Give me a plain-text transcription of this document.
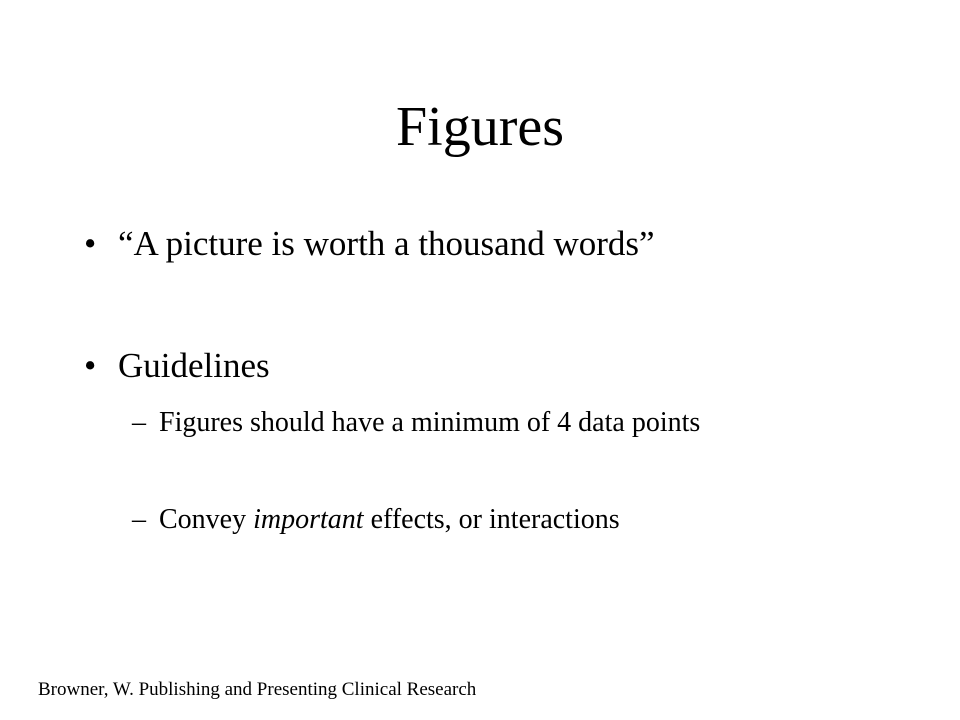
Figures
• “A picture is worth a thousand words”
• Guidelines
– Figures should have a minimum of 4 data points
– Convey important effects, or interactions
Browner, W. Publishing and Presenting Clinical Research
